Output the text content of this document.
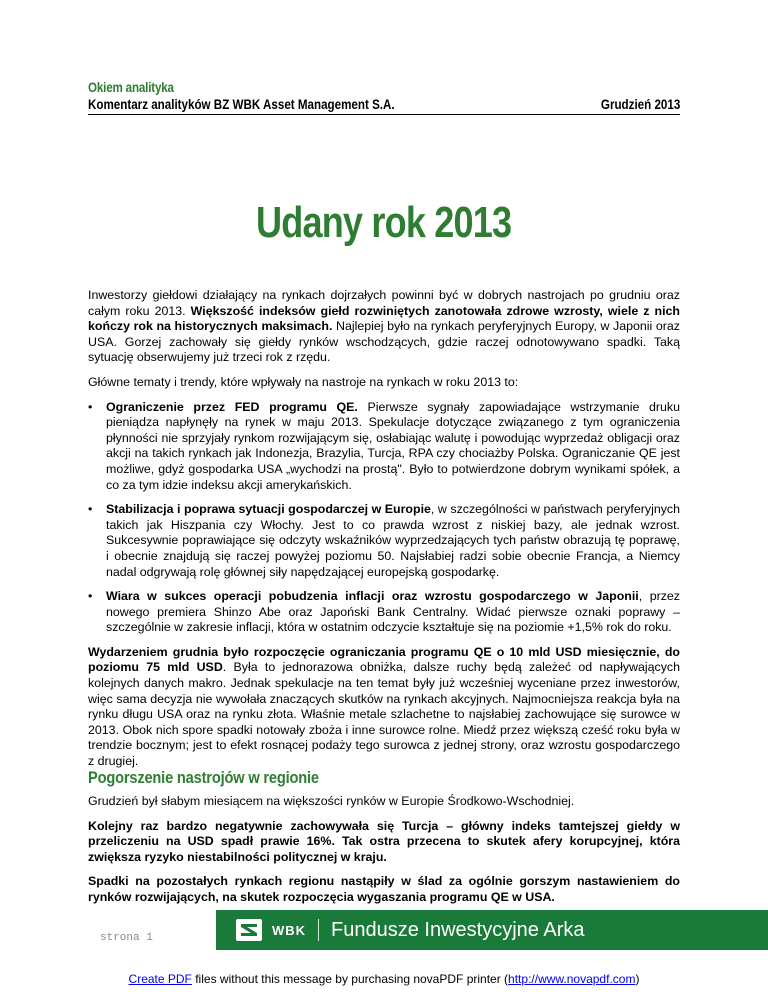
Okiem analityka
Komentarz analityków BZ WBK Asset Management S.A.	Grudzień 2013
Udany rok 2013

Inwestorzy giełdowi działający na rynkach dojrzałych powinni być w dobrych nastrojach po grudniu oraz całym roku 2013. Większość indeksów giełd rozwiniętych zanotowała zdrowe wzrosty, wiele z nich kończy rok na historycznych maksimach. Najlepiej było na rynkach peryferyjnych Europy, w Japonii oraz USA. Gorzej zachowały się giełdy rynków wschodzących, gdzie raczej odnotowywano spadki. Taką sytuację obserwujemy już trzeci rok z rzędu.

Główne tematy i trendy, które wpływały na nastroje na rynkach w roku 2013 to:

• Ograniczenie przez FED programu QE. Pierwsze sygnały zapowiadające wstrzymanie druku pieniądza napłynęły na rynek w maju 2013. Spekulacje dotyczące związanego z tym ograniczenia płynności nie sprzyjały rynkom rozwijającym się, osłabiając walutę i powodując wyprzedaż obligacji oraz akcji na takich rynkach jak Indonezja, Brazylia, Turcja, RPA czy chociażby Polska. Ograniczanie QE jest możliwe, gdyż gospodarka USA „wychodzi na prostą". Było to potwierdzone dobrym wynikami spółek, a co za tym idzie indeksu akcji amerykańskich.
• Stabilizacja i poprawa sytuacji gospodarczej w Europie, w szczególności w państwach peryferyjnych takich jak Hiszpania czy Włochy. Jest to co prawda wzrost z niskiej bazy, ale jednak wzrost. Sukcesywnie poprawiające się odczyty wskaźników wyprzedzających tych państw obrazują tę poprawę, i obecnie znajdują się raczej powyżej poziomu 50. Najsłabiej radzi sobie obecnie Francja, a Niemcy nadal odgrywają rolę głównej siły napędzającej europejską gospodarkę.
• Wiara w sukces operacji pobudzenia inflacji oraz wzrostu gospodarczego w Japonii, przez nowego premiera Shinzo Abe oraz Japoński Bank Centralny. Widać pierwsze oznaki poprawy – szczególnie w zakresie inflacji, która w ostatnim odczycie kształtuje się na poziomie +1,5% rok do roku.

Wydarzeniem grudnia było rozpoczęcie ograniczania programu QE o 10 mld USD miesięcznie, do poziomu 75 mld USD. Była to jednorazowa obniżka, dalsze ruchy będą zależeć od napływających kolejnych danych makro. Jednak spekulacje na ten temat były już wcześniej wyceniane przez inwestorów, więc sama decyzja nie wywołała znaczących skutków na rynkach akcyjnych. Najmocniejsza reakcja była na rynku długu USA oraz na rynku złota. Właśnie metale szlachetne to najsłabiej zachowujące się surowce w 2013. Obok nich spore spadki notowały zboża i inne surowce rolne. Miedź przez większą cześć roku była w trendzie bocznym; jest to efekt rosnącej podaży tego surowca z jednej strony, oraz wzrostu gospodarczego z drugiej.

Pogorszenie nastrojów w regionie

Grudzień był słabym miesiącem na większości rynków w Europie Środkowo-Wschodniej.

Kolejny raz bardzo negatywnie zachowywała się Turcja – główny indeks tamtejszej giełdy w przeliczeniu na USD spadł prawie 16%. Tak ostra przecena to skutek afery korupcyjnej, która zwiększa ryzyko niestabilności politycznej w kraju.

Spadki na pozostałych rynkach regionu nastąpiły w ślad za ogólnie gorszym nastawieniem do rynków rozwijających, na skutek rozpoczęcia wygaszania programu QE w USA.

strona 1
WBK Fundusze Inwestycyjne Arka
Create PDF files without this message by purchasing novaPDF printer (http://www.novapdf.com)
